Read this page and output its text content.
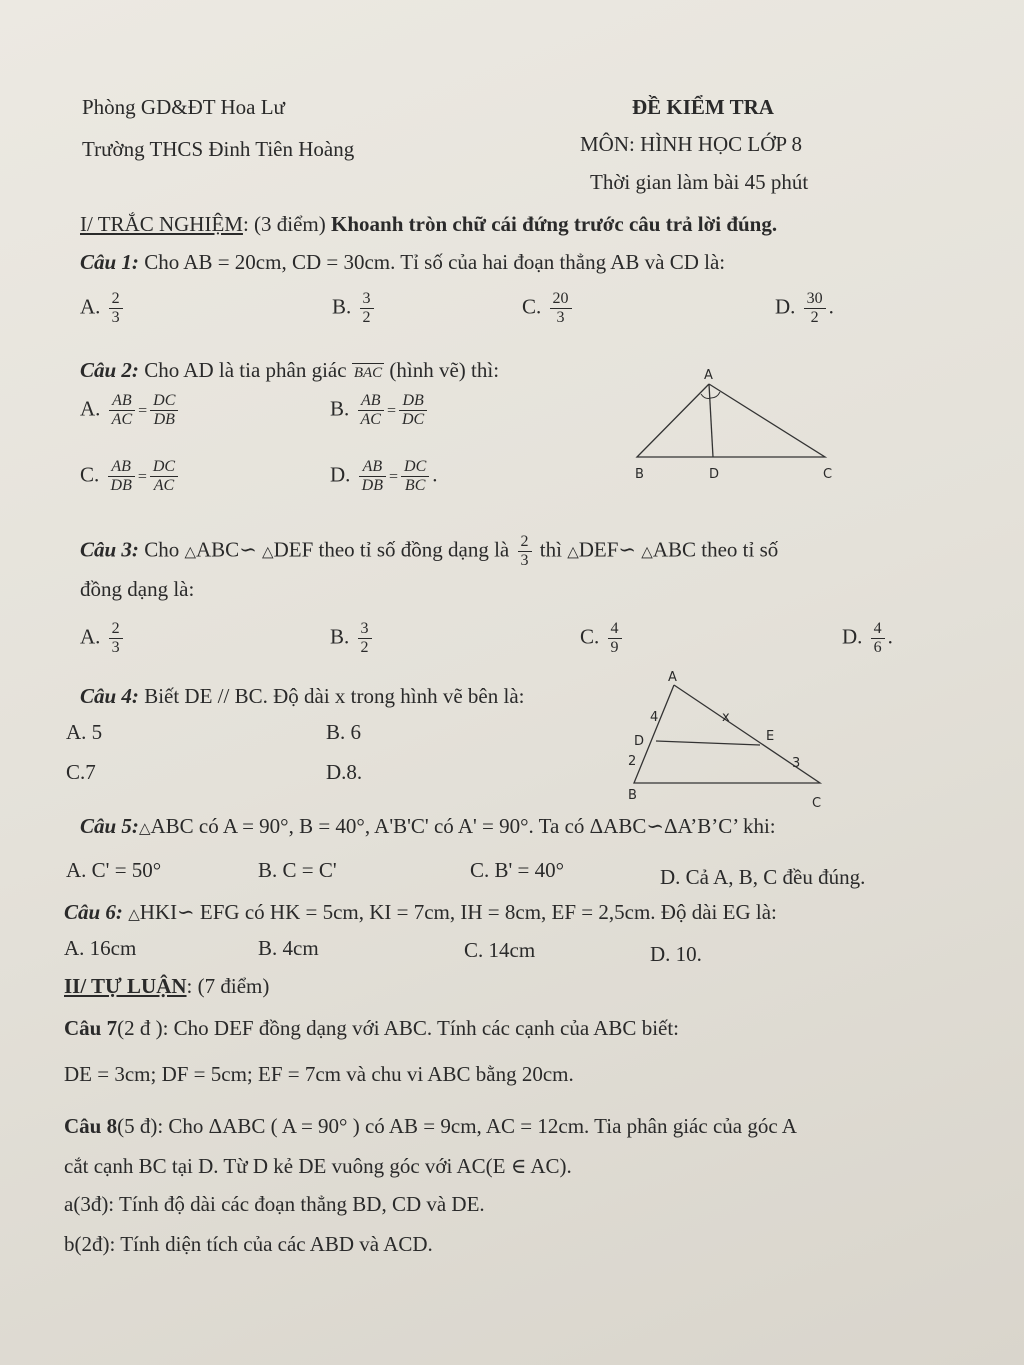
Phòng GD&ĐT Hoa Lư
Trường THCS Đinh Tiên Hoàng
ĐỀ KIỂM TRA
MÔN: HÌNH HỌC LỚP 8
Thời gian làm bài 45 phút
I/ TRẮC NGHIỆM: (3 điểm) Khoanh tròn chữ cái đứng trước câu trả lời đúng.
Câu 1: Cho AB = 20cm, CD = 30cm. Tỉ số của hai đoạn thẳng AB và CD là:
A. $\frac{2}{3}$	B. $\frac{3}{2}$	C. $\frac{20}{3}$	D. $\frac{30}{2}$ .
Câu 2: Cho AD là tia phân giác BAC (hình vẽ) thì:
A. $\frac{AB}{AC} = \frac{DC}{DB}$	B. $\frac{AB}{AC} = \frac{DB}{DC}$
C. $\frac{AB}{DB} = \frac{DC}{AC}$	D. $\frac{AB}{DB} = \frac{DC}{BC}$ .
A
B	D	C
Câu 3: Cho △ABC∽ △DEF theo tỉ số đồng dạng là $\frac{2}{3}$ thì △DEF∽ △ABC theo tỉ số
đồng dạng là:
A. $\frac{2}{3}$	B. $\frac{3}{2}$	C. $\frac{4}{9}$	D. $\frac{4}{6}$ .
Câu 4: Biết DE // BC. Độ dài x trong hình vẽ bên là:
A. 5	B. 6
C.7	D.8.
A
4	x
D	E
2	3
B
C
Câu 5:△ABC có A = 90°, B = 40°, A'B'C' có A' = 90°. Ta có ΔABC∽ΔA’B’C’ khi:
A. C' = 50°	B. C = C'	C. B' = 40°	D. Cả A, B, C đều đúng.
Câu 6: △HKI∽ EFG có HK = 5cm, KI = 7cm, IH = 8cm, EF = 2,5cm. Độ dài EG là:
A. 16cm	B. 4cm	C. 14cm	D. 10.
II/ TỰ LUẬN: (7 điểm)
Câu 7(2 đ ): Cho DEF đồng dạng với ABC. Tính các cạnh của ABC biết:
DE = 3cm; DF = 5cm; EF = 7cm và chu vi ABC bằng 20cm.
Câu 8(5 đ): Cho ΔABC ( A = 90° ) có AB = 9cm, AC = 12cm. Tia phân giác của góc A
cắt cạnh BC tại D. Từ D kẻ DE vuông góc với AC(E ∈ AC).
a(3đ): Tính độ dài các đoạn thẳng BD, CD và DE.
b(2đ): Tính diện tích của các ABD và ACD.
